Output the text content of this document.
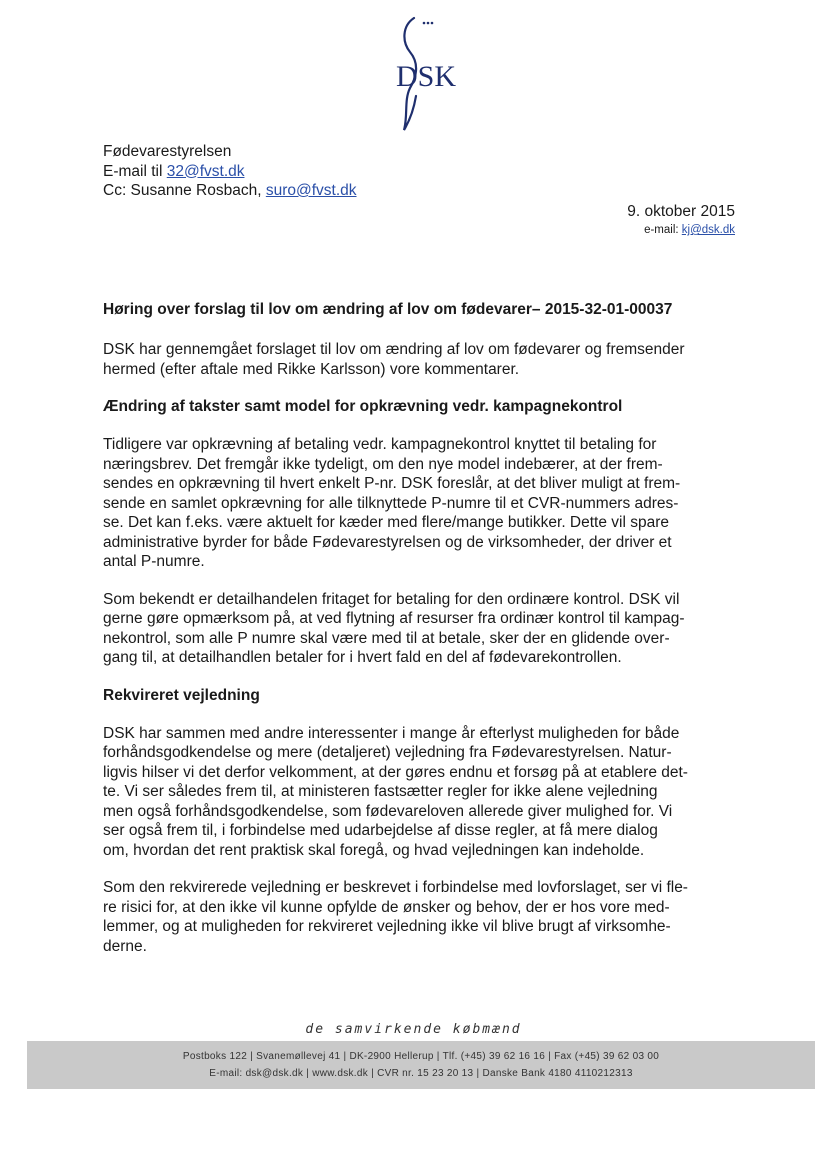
DSK
Fødevarestyrelsen
E-mail til 32@fvst.dk
Cc: Susanne Rosbach, suro@fvst.dk
9. oktober 2015
e-mail: kj@dsk.dk
Høring over forslag til lov om ændring af lov om fødevarer– 2015-32-01-00037

DSK har gennemgået forslaget til lov om ændring af lov om fødevarer og fremsender
hermed (efter aftale med Rikke Karlsson) vore kommentarer.

Ændring af takster samt model for opkrævning vedr. kampagnekontrol

Tidligere var opkrævning af betaling vedr. kampagnekontrol knyttet til betaling for
næringsbrev. Det fremgår ikke tydeligt, om den nye model indebærer, at der frem-
sendes en opkrævning til hvert enkelt P-nr. DSK foreslår, at det bliver muligt at frem-
sende en samlet opkrævning for alle tilknyttede P-numre til et CVR-nummers adres-
se. Det kan f.eks. være aktuelt for kæder med flere/mange butikker. Dette vil spare
administrative byrder for både Fødevarestyrelsen og de virksomheder, der driver et
antal P-numre.

Som bekendt er detailhandelen fritaget for betaling for den ordinære kontrol. DSK vil
gerne gøre opmærksom på, at ved flytning af resurser fra ordinær kontrol til kampag-
nekontrol, som alle P numre skal være med til at betale, sker der en glidende over-
gang til, at detailhandlen betaler for i hvert fald en del af fødevarekontrollen.

Rekvireret vejledning

DSK har sammen med andre interessenter i mange år efterlyst muligheden for både
forhåndsgodkendelse og mere (detaljeret) vejledning fra Fødevarestyrelsen. Natur-
ligvis hilser vi det derfor velkomment, at der gøres endnu et forsøg på at etablere det-
te. Vi ser således frem til, at ministeren fastsætter regler for ikke alene vejledning
men også forhåndsgodkendelse, som fødevareloven allerede giver mulighed for. Vi
ser også frem til, i forbindelse med udarbejdelse af disse regler, at få mere dialog
om, hvordan det rent praktisk skal foregå, og hvad vejledningen kan indeholde.

Som den rekvirerede vejledning er beskrevet i forbindelse med lovforslaget, ser vi fle-
re risici for, at den ikke vil kunne opfylde de ønsker og behov, der er hos vore med-
lemmer, og at muligheden for rekvireret vejledning ikke vil blive brugt af virksomhe-
derne.

de samvirkende købmænd
Postboks 122 | Svanemøllevej 41 | DK-2900 Hellerup | Tlf. (+45) 39 62 16 16 | Fax (+45) 39 62 03 00
E-mail: dsk@dsk.dk | www.dsk.dk | CVR nr. 15 23 20 13 | Danske Bank 4180 4110212313
